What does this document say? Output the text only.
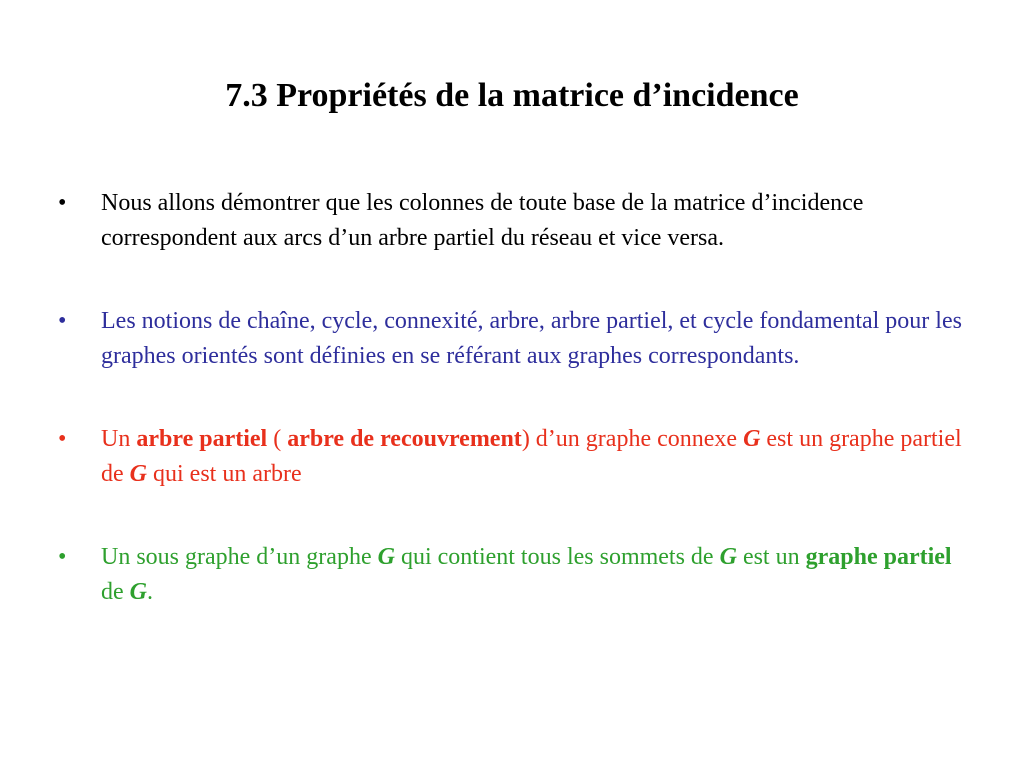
7.3 Propriétés de la matrice d’incidence
• Nous allons démontrer que les colonnes de toute base de la matrice d’incidence correspondent aux arcs d’un arbre partiel du réseau et vice versa.
• Les notions de chaîne, cycle, connexité, arbre, arbre partiel, et cycle fondamental pour les graphes orientés sont définies en se référant aux graphes correspondants.
• Un arbre partiel ( arbre de recouvrement) d’un graphe connexe G est un graphe partiel de G qui est un arbre
• Un sous graphe d’un graphe G qui contient tous les sommets de G est un graphe partiel de G.
